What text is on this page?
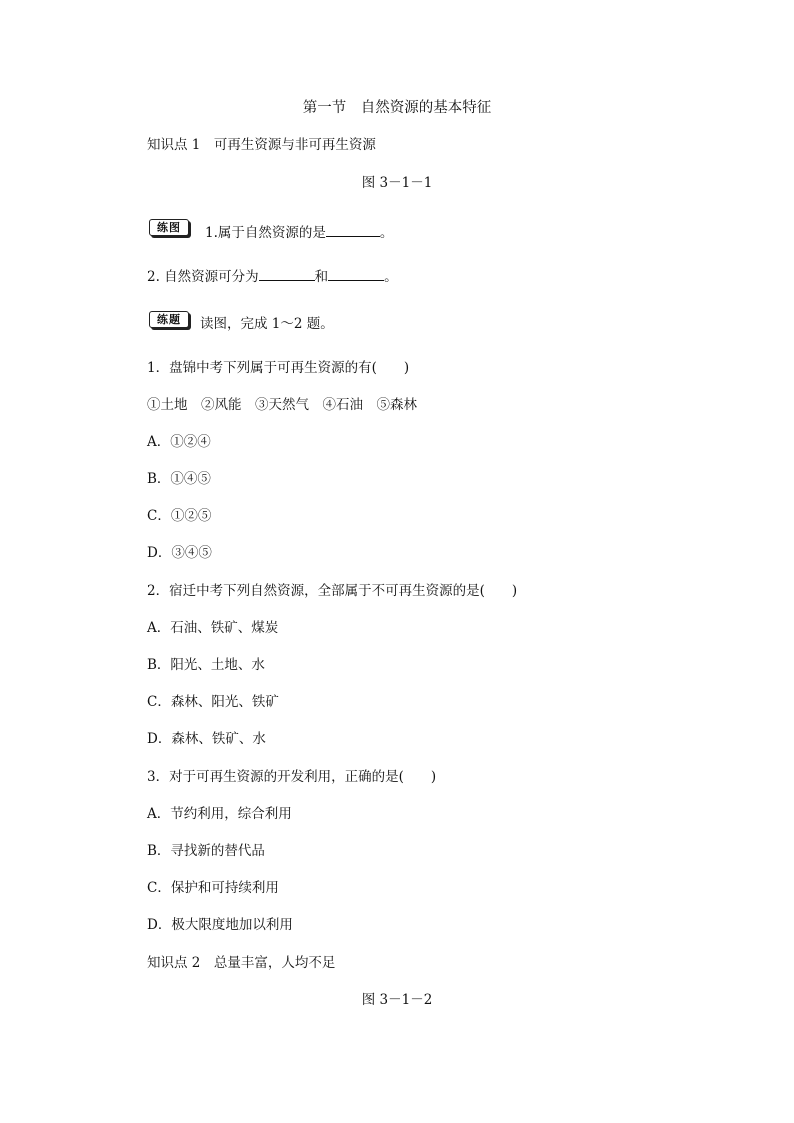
第一节　自然资源的基本特征
知识点 1　可再生资源与非可再生资源
图 3－1－1
练图	1.属于自然资源的是	。
2. 自然资源可分为	和	。
练题	读图，完成 1～2 题。
1．盘锦中考下列属于可再生资源的有(　　)
①土地　②风能　③天然气　④石油　⑤森林
A．①②④
B．①④⑤
C．①②⑤
D．③④⑤
2．宿迁中考下列自然资源，全部属于不可再生资源的是(　　)
A．石油、铁矿、煤炭
B．阳光、土地、水
C．森林、阳光、铁矿
D．森林、铁矿、水
3．对于可再生资源的开发利用，正确的是(　　)
A．节约利用，综合利用
B．寻找新的替代品
C．保护和可持续利用
D．极大限度地加以利用
知识点 2　总量丰富，人均不足
图 3－1－2
